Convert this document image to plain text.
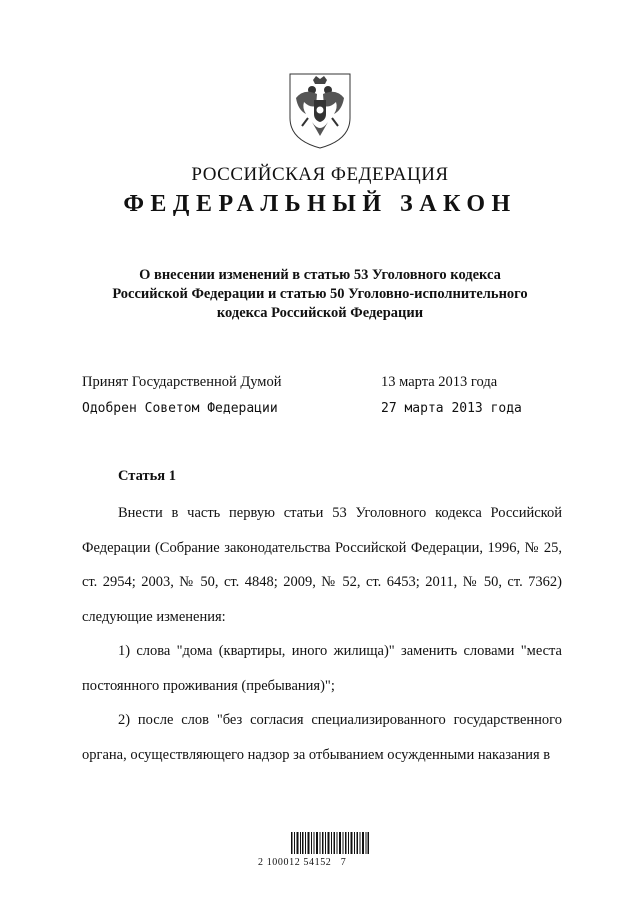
РОССИЙСКАЯ ФЕДЕРАЦИЯ
ФЕДЕРАЛЬНЫЙ ЗАКОН
О внесении изменений в статью 53 Уголовного кодекса
Российской Федерации и статью 50 Уголовно-исполнительного
кодекса Российской Федерации
Принят Государственной Думой	13 марта 2013 года
Одобрен Советом Федерации	27 марта 2013 года
Статья 1
Внести в часть первую статьи 53 Уголовного кодекса Российской Федерации (Собрание законодательства Российской Федерации, 1996, № 25, ст. 2954; 2003, № 50, ст. 4848; 2009, № 52, ст. 6453; 2011, № 50, ст. 7362) следующие изменения:
1) слова "дома (квартиры, иного жилища)" заменить словами "места постоянного проживания (пребывания)";
2) после слов "без согласия специализированного государственного органа, осуществляющего надзор за отбыванием осужденными наказания в
2 100012 54152   7
